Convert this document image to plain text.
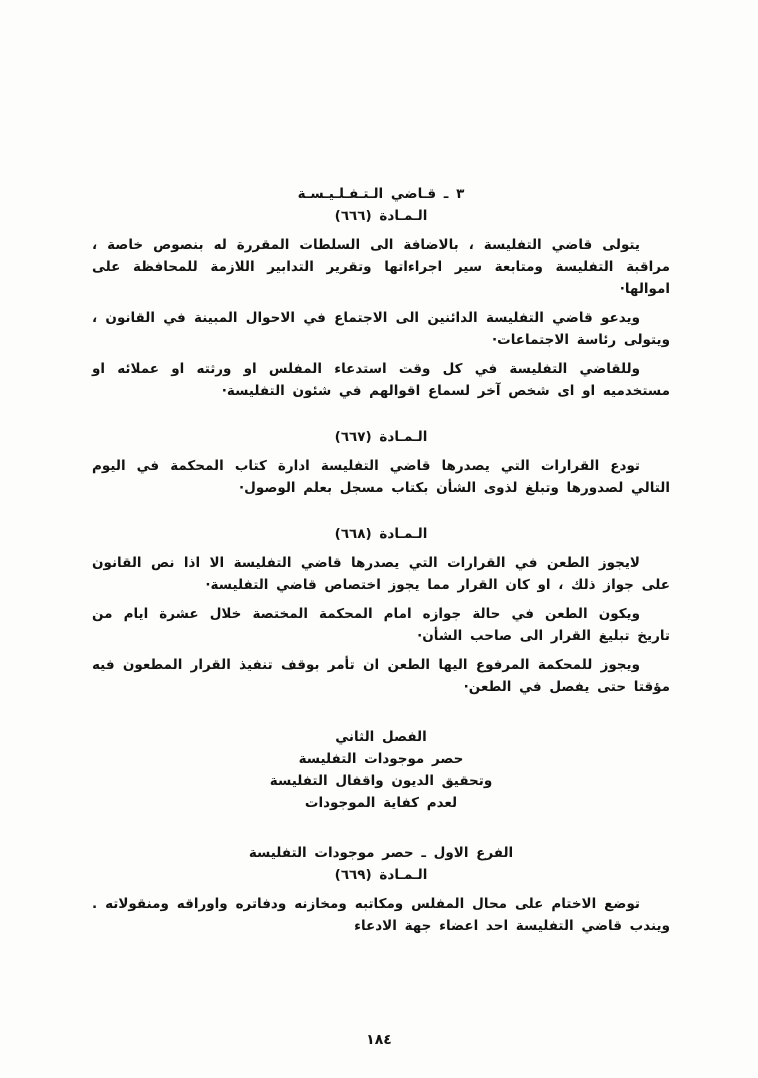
٣ ـ قـاضي الـتـفـلـيـسـة
الـمـادة (٦٦٦)

يتولى قاضي التفليسة ، بالاضافة الى السلطات المقررة له بنصوص خاصة ، مراقبة التفليسة ومتابعة سير اجراءاتها وتقرير التدابير اللازمة للمحافظة على اموالها·

ويدعو قاضي التفليسة الدائنين الى الاجتماع في الاحوال المبينة في القانون ، ويتولى رئاسة الاجتماعات·

وللقاضي التفليسة في كل وقت استدعاء المفلس او ورثته او عملائه او مستخدميه او اى شخص آخر لسماع اقوالهم في شئون التفليسة·

الـمـادة (٦٦٧)

تودع القرارات التي يصدرها قاضي التفليسة ادارة كتاب المحكمة في اليوم التالي لصدورها وتبلغ لذوى الشأن بكتاب مسجل بعلم الوصول·

الـمـادة (٦٦٨)

لايجوز الطعن في القرارات التي يصدرها قاضي التفليسة الا اذا نص القانون على جواز ذلك ، او كان القرار مما يجوز اختصاص قاضي التفليسة·

ويكون الطعن في حالة جوازه امام المحكمة المختصة خلال عشرة ايام من تاريخ تبليغ القرار الى صاحب الشأن·

ويجوز للمحكمة المرفوع اليها الطعن ان تأمر بوقف تنفيذ القرار المطعون فيه مؤقتا حتى يفصل في الطعن·

الفصل الثاني
حصر موجودات التفليسة
وتحقيق الديون واقفال التفليسة
لعدم كفاية الموجودات
الفرع الاول ـ حصر موجودات التفليسة
الـمـادة (٦٦٩)

توضع الاختام على محال المفلس ومكاتبه ومخازنه ودفاتره واوراقه ومنقولاته . ويندب قاضي التفليسة احد اعضاء جهة الادعاء

١٨٤
